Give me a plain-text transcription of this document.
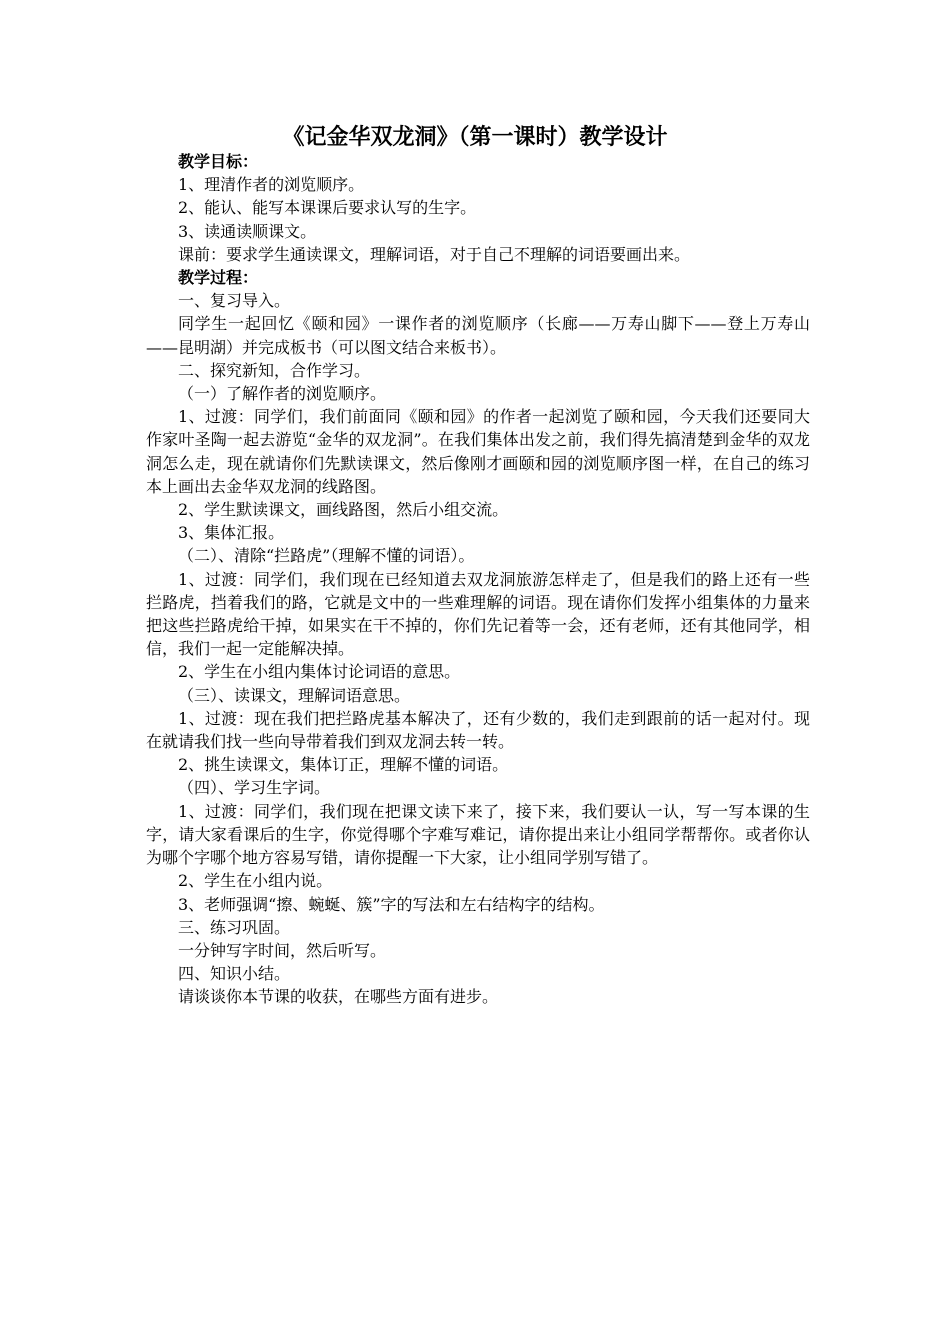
《记金华双龙洞》（第一课时）教学设计

教学目标：

1、理清作者的浏览顺序。

2、能认、能写本课课后要求认写的生字。

3、读通读顺课文。

课前：要求学生通读课文，理解词语，对于自己不理解的词语要画出来。

教学过程：

一、复习导入。

同学生一起回忆《颐和园》一课作者的浏览顺序（长廊——万寿山脚下——登上万寿山——昆明湖）并完成板书（可以图文结合来板书）。

二、探究新知，合作学习。

（一）了解作者的浏览顺序。

1、过渡：同学们，我们前面同《颐和园》的作者一起浏览了颐和园，今天我们还要同大作家叶圣陶一起去游览“金华的双龙洞”。在我们集体出发之前，我们得先搞清楚到金华的双龙洞怎么走，现在就请你们先默读课文，然后像刚才画颐和园的浏览顺序图一样，在自己的练习本上画出去金华双龙洞的线路图。

2、学生默读课文，画线路图，然后小组交流。

3、集体汇报。

（二）、清除“拦路虎”（理解不懂的词语）。

1、过渡：同学们，我们现在已经知道去双龙洞旅游怎样走了，但是我们的路上还有一些拦路虎，挡着我们的路，它就是文中的一些难理解的词语。现在请你们发挥小组集体的力量来把这些拦路虎给干掉，如果实在干不掉的，你们先记着等一会，还有老师，还有其他同学，相信，我们一起一定能解决掉。

2、学生在小组内集体讨论词语的意思。

（三）、读课文，理解词语意思。

1、过渡：现在我们把拦路虎基本解决了，还有少数的，我们走到跟前的话一起对付。现在就请我们找一些向导带着我们到双龙洞去转一转。

2、挑生读课文，集体订正，理解不懂的词语。

（四）、学习生字词。

1、过渡：同学们，我们现在把课文读下来了，接下来，我们要认一认，写一写本课的生字，请大家看课后的生字，你觉得哪个字难写难记，请你提出来让小组同学帮帮你。或者你认为哪个字哪个地方容易写错，请你提醒一下大家，让小组同学别写错了。

2、学生在小组内说。

3、老师强调“擦、蜿蜒、簇”字的写法和左右结构字的结构。

三、练习巩固。

一分钟写字时间，然后听写。

四、知识小结。

请谈谈你本节课的收获，在哪些方面有进步。
